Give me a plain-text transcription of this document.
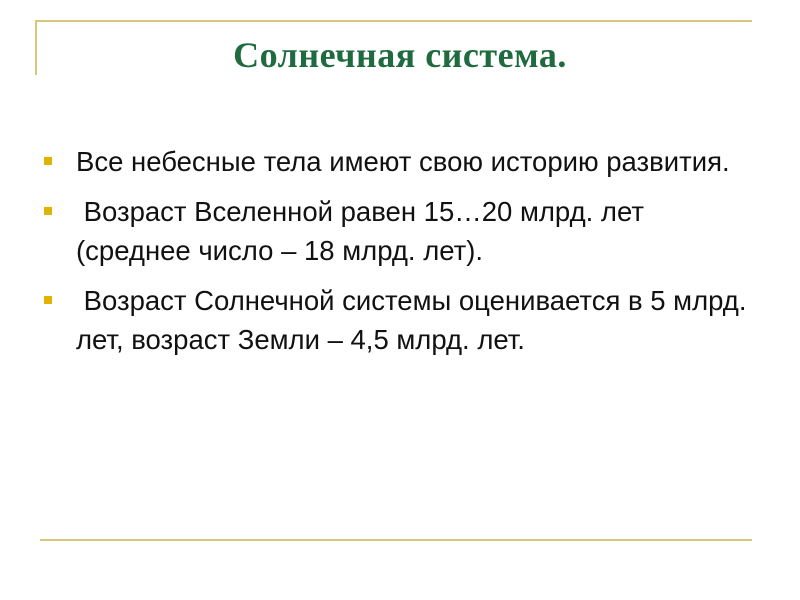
Солнечная система.
Все небесные тела имеют свою историю развития.
Возраст Вселенной равен 15…20 млрд. лет (среднее число – 18 млрд. лет).
Возраст Солнечной системы оценивается в 5 млрд. лет, возраст Земли – 4,5 млрд. лет.
